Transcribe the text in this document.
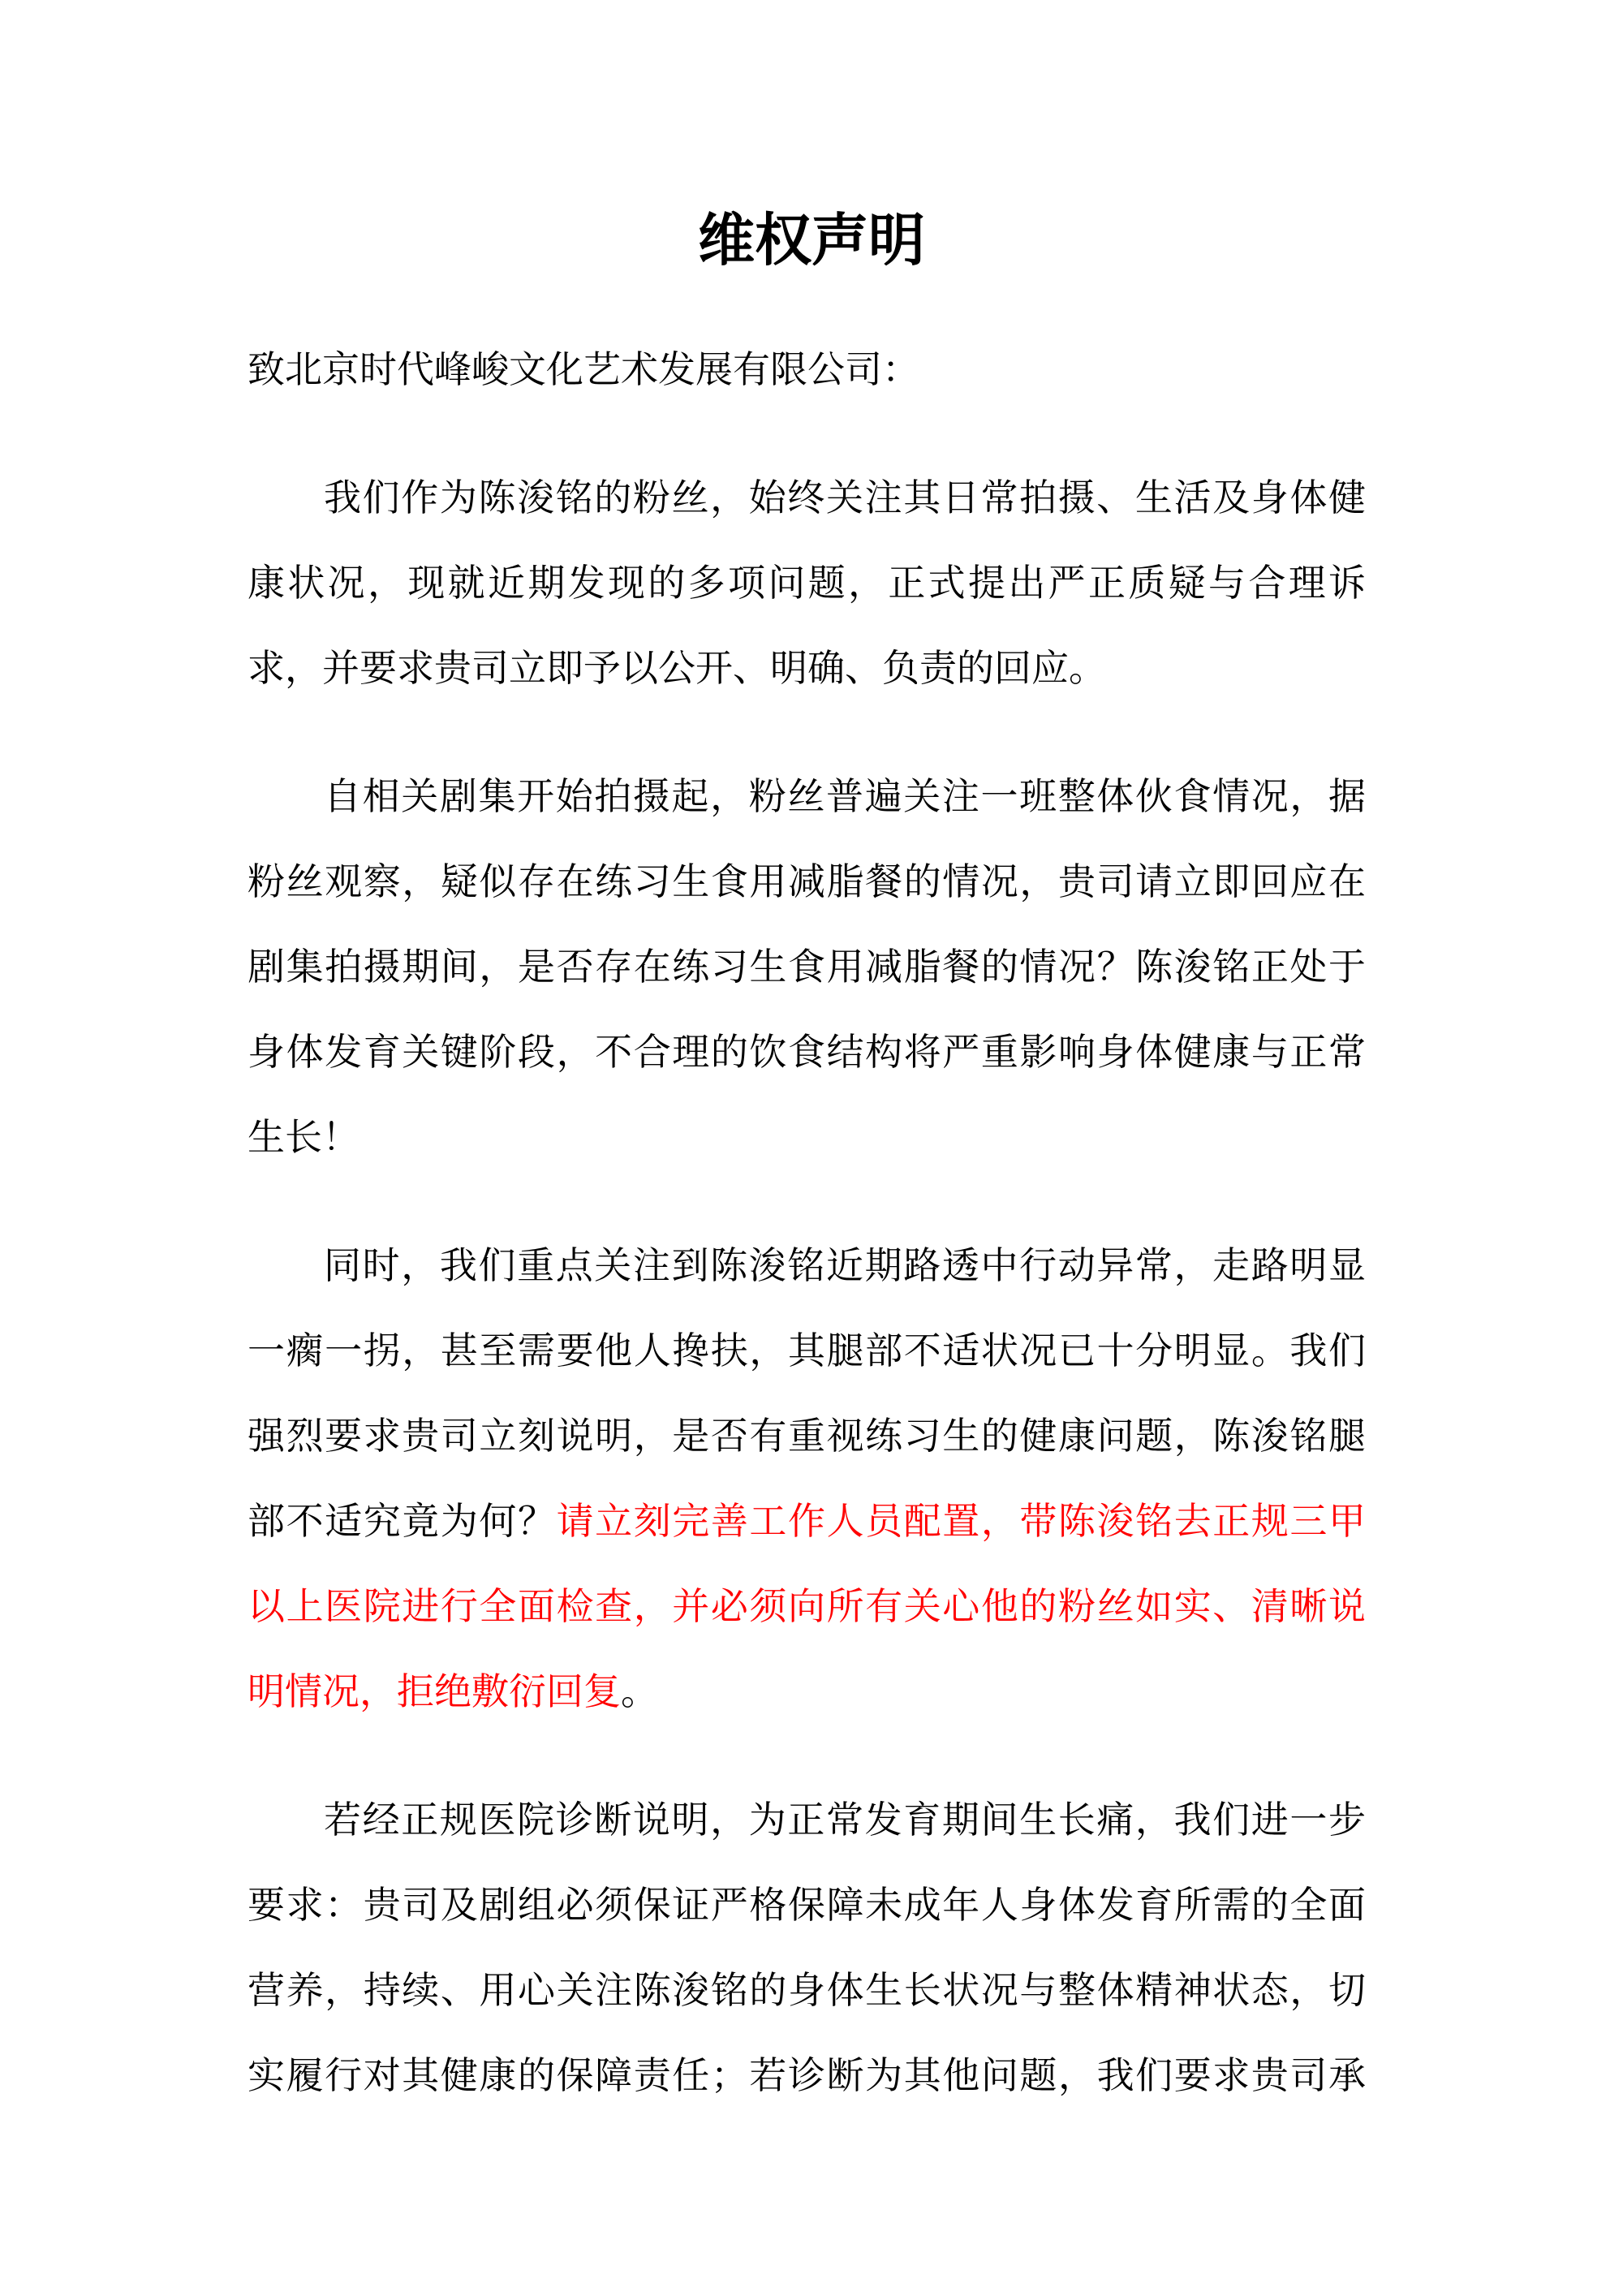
维权声明
致北京时代峰峻文化艺术发展有限公司：
我们作为陈浚铭的粉丝，始终关注其日常拍摄、生活及身体健
康状况，现就近期发现的多项问题，正式提出严正质疑与合理诉
求，并要求贵司立即予以公开、明确、负责的回应。
自相关剧集开始拍摄起，粉丝普遍关注一班整体伙食情况，据
粉丝观察，疑似存在练习生食用减脂餐的情况，贵司请立即回应在
剧集拍摄期间，是否存在练习生食用减脂餐的情况？陈浚铭正处于
身体发育关键阶段，不合理的饮食结构将严重影响身体健康与正常
生长！
同时，我们重点关注到陈浚铭近期路透中行动异常，走路明显
一瘸一拐，甚至需要他人搀扶，其腿部不适状况已十分明显。我们
强烈要求贵司立刻说明，是否有重视练习生的健康问题，陈浚铭腿
部不适究竟为何？请立刻完善工作人员配置，带陈浚铭去正规三甲
以上医院进行全面检查，并必须向所有关心他的粉丝如实、清晰说
明情况，拒绝敷衍回复。
若经正规医院诊断说明，为正常发育期间生长痛，我们进一步
要求：贵司及剧组必须保证严格保障未成年人身体发育所需的全面
营养，持续、用心关注陈浚铭的身体生长状况与整体精神状态，切
实履行对其健康的保障责任；若诊断为其他问题，我们要求贵司承
